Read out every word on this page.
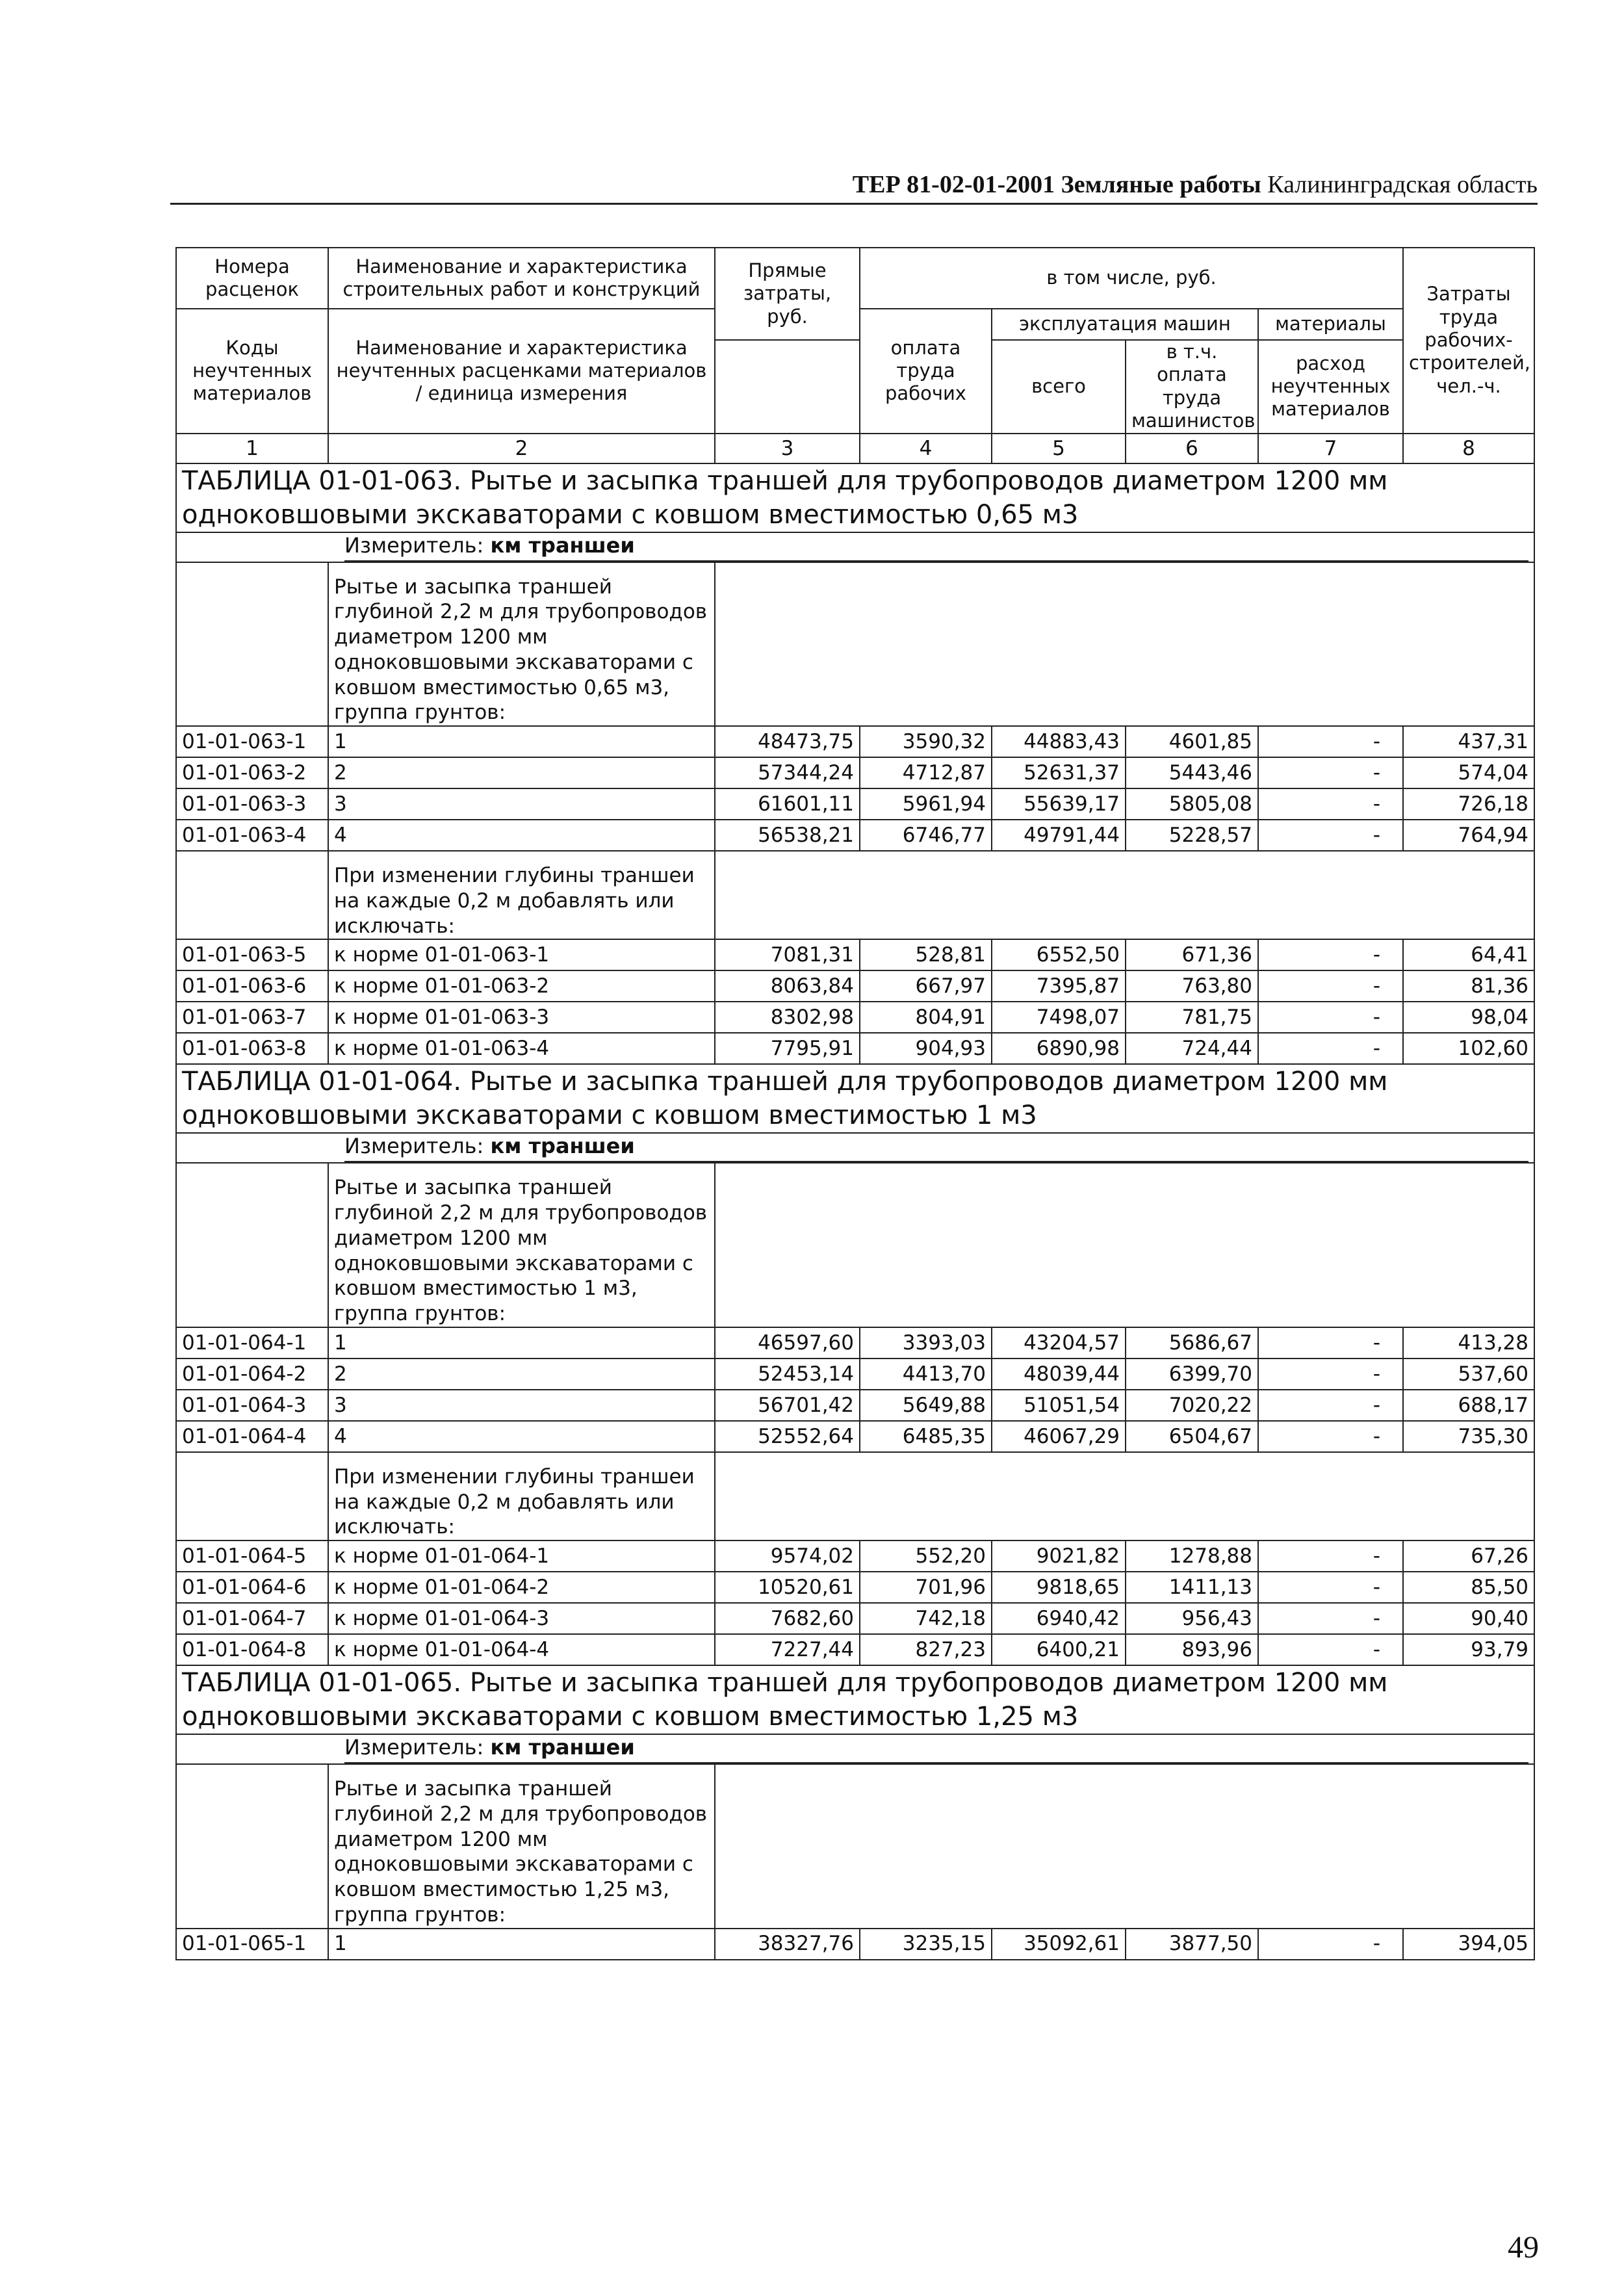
ТЕР 81-02-01-2001 Земляные работы Калининградская область
Номера расценок	Наименование и характеристика строительных работ и конструкций	Прямые затраты, руб.	в том числе, руб.				Затраты труда рабочих-строителей, чел.-ч.
Коды неучтенных материалов	Наименование и характеристика неучтенных расценками материалов / единица измерения		оплата труда рабочих	эксплуатация машин		материалы	
				всего	в т.ч. оплата труда машинистов	расход неучтенных материалов	

1	2	3	4	5	6	7	8
ТАБЛИЦА 01-01-063. Рытье и засыпка траншей для трубопроводов диаметром 1200 мм одноковшовыми экскаваторами с ковшом вместимостью 0,65 м3							

Измеритель: км траншеи							

	Рытье и засыпка траншей глубиной 2,2 м для трубопроводов диаметром 1200 мм одноковшовыми экскаваторами с ковшом вместимостью 0,65 м3, группа грунтов:						
01-01-063-1	1	48473,75	3590,32	44883,43	4601,85	-	437,31
01-01-063-2	2	57344,24	4712,87	52631,37	5443,46	-	574,04
01-01-063-3	3	61601,11	5961,94	55639,17	5805,08	-	726,18
01-01-063-4	4	56538,21	6746,77	49791,44	5228,57	-	764,94
	При изменении глубины траншеи на каждые 0,2 м добавлять или исключать:						
01-01-063-5	к норме 01-01-063-1	7081,31	528,81	6552,50	671,36	-	64,41
01-01-063-6	к норме 01-01-063-2	8063,84	667,97	7395,87	763,80	-	81,36
01-01-063-7	к норме 01-01-063-3	8302,98	804,91	7498,07	781,75	-	98,04
01-01-063-8	к норме 01-01-063-4	7795,91	904,93	6890,98	724,44	-	102,60
ТАБЛИЦА 01-01-064. Рытье и засыпка траншей для трубопроводов диаметром 1200 мм одноковшовыми экскаваторами с ковшом вместимостью 1 м3							

Измеритель: км траншеи							

	Рытье и засыпка траншей глубиной 2,2 м для трубопроводов диаметром 1200 мм одноковшовыми экскаваторами с ковшом вместимостью 1 м3, группа грунтов:						
01-01-064-1	1	46597,60	3393,03	43204,57	5686,67	-	413,28
01-01-064-2	2	52453,14	4413,70	48039,44	6399,70	-	537,60
01-01-064-3	3	56701,42	5649,88	51051,54	7020,22	-	688,17
01-01-064-4	4	52552,64	6485,35	46067,29	6504,67	-	735,30
	При изменении глубины траншеи на каждые 0,2 м добавлять или исключать:						
01-01-064-5	к норме 01-01-064-1	9574,02	552,20	9021,82	1278,88	-	67,26
01-01-064-6	к норме 01-01-064-2	10520,61	701,96	9818,65	1411,13	-	85,50
01-01-064-7	к норме 01-01-064-3	7682,60	742,18	6940,42	956,43	-	90,40
01-01-064-8	к норме 01-01-064-4	7227,44	827,23	6400,21	893,96	-	93,79
ТАБЛИЦА 01-01-065. Рытье и засыпка траншей для трубопроводов диаметром 1200 мм одноковшовыми экскаваторами с ковшом вместимостью 1,25 м3							

Измеритель: км траншеи							

	Рытье и засыпка траншей глубиной 2,2 м для трубопроводов диаметром 1200 мм одноковшовыми экскаваторами с ковшом вместимостью 1,25 м3, группа грунтов:						
01-01-065-1	1	38327,76	3235,15	35092,61	3877,50	-	394,05
49
